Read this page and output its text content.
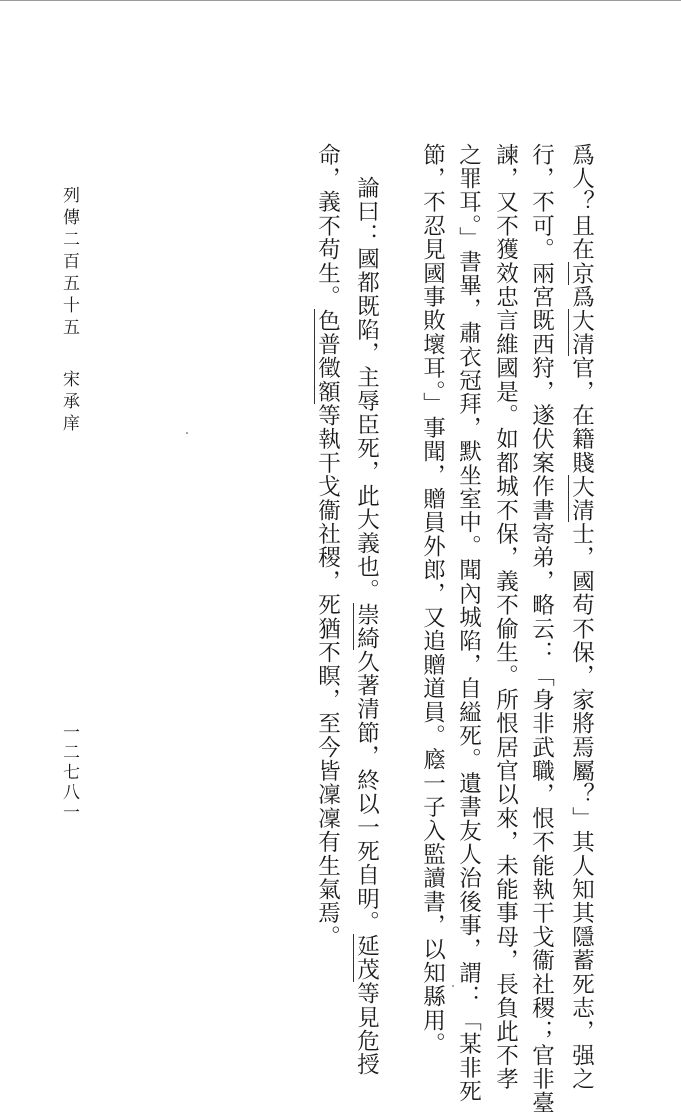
列傳二百五十五
宋承庠
一二七八一
爲人？且在京爲大清官，在籍賤大清士，國苟不保，家將焉屬？」其人知其隱蓄死志，强之
行，不可。兩宮既西狩，遂伏案作書寄弟，略云：「身非武職，恨不能執干戈衞社稷；官非臺
諫，又不獲效忠言維國是。如都城不保，義不偷生。所恨居官以來，未能事母，長負此不孝
之罪耳。」書畢，肅衣冠拜，默坐室中。聞內城陷，自縊死。遺書友人治後事，謂：「某非死
節，不忍見國事敗壞耳。」事聞，贈員外郎，又追贈道員。廕一子入監讀書，以知縣用。
論曰：國都既陷，主辱臣死，此大義也。崇綺久著清節，終以一死自明。延茂等見危授
命，義不苟生。色普徵額等執干戈衞社稷，死猶不瞑，至今皆凜凜有生氣焉。
